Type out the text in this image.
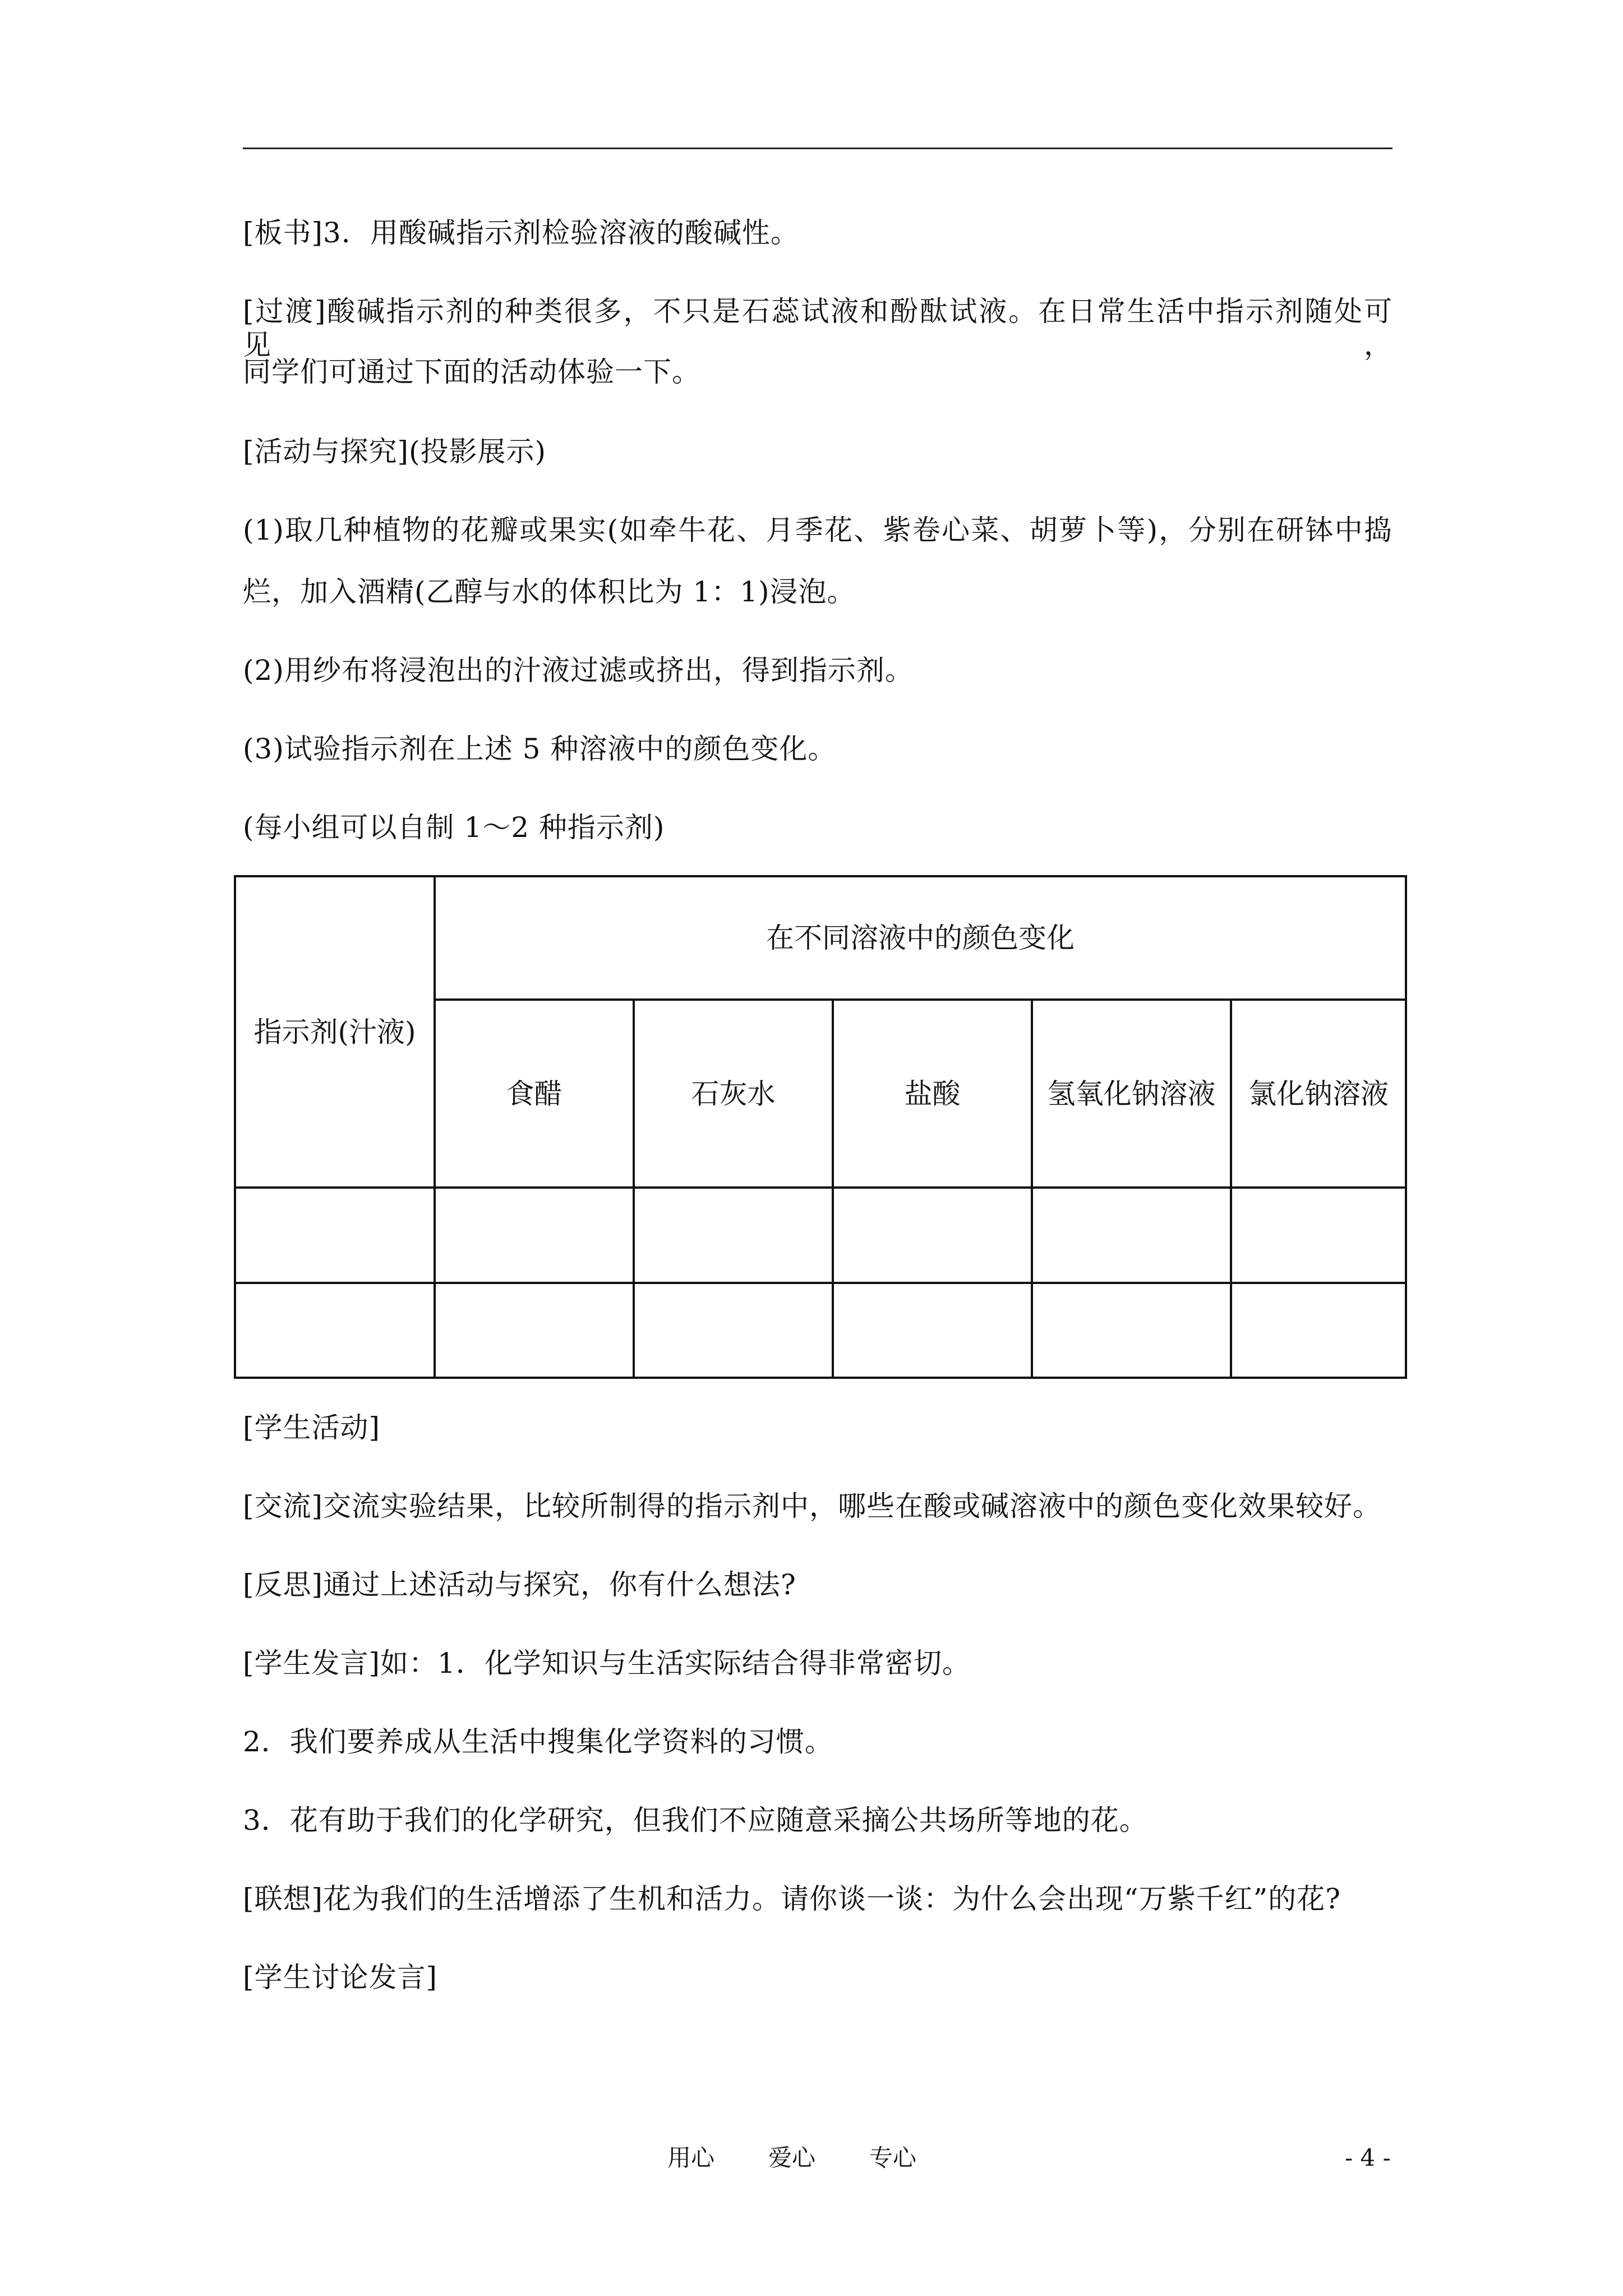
[板书]3．用酸碱指示剂检验溶液的酸碱性。
[过渡]酸碱指示剂的种类很多，不只是石蕊试液和酚酞试液。在日常生活中指示剂随处可见，
同学们可通过下面的活动体验一下。
[活动与探究](投影展示)
(1)取几种植物的花瓣或果实(如牵牛花、月季花、紫卷心菜、胡萝卜等)，分别在研钵中捣
烂，加入酒精(乙醇与水的体积比为 1：1)浸泡。
(2)用纱布将浸泡出的汁液过滤或挤出，得到指示剂。
(3)试验指示剂在上述 5 种溶液中的颜色变化。
(每小组可以自制 1～2 种指示剂)
指示剂(汁液)	在不同溶液中的颜色变化				
	食醋	石灰水	盐酸	氢氧化钠溶液	氯化钠溶液

[学生活动]
[交流]交流实验结果，比较所制得的指示剂中，哪些在酸或碱溶液中的颜色变化效果较好。
[反思]通过上述活动与探究，你有什么想法?
[学生发言]如：1．化学知识与生活实际结合得非常密切。
2．我们要养成从生活中搜集化学资料的习惯。
3．花有助于我们的化学研究，但我们不应随意采摘公共场所等地的花。
[联想]花为我们的生活增添了生机和活力。请你谈一谈：为什么会出现“万紫千红”的花?
[学生讨论发言]
用心 爱心 专心	- 4 -
